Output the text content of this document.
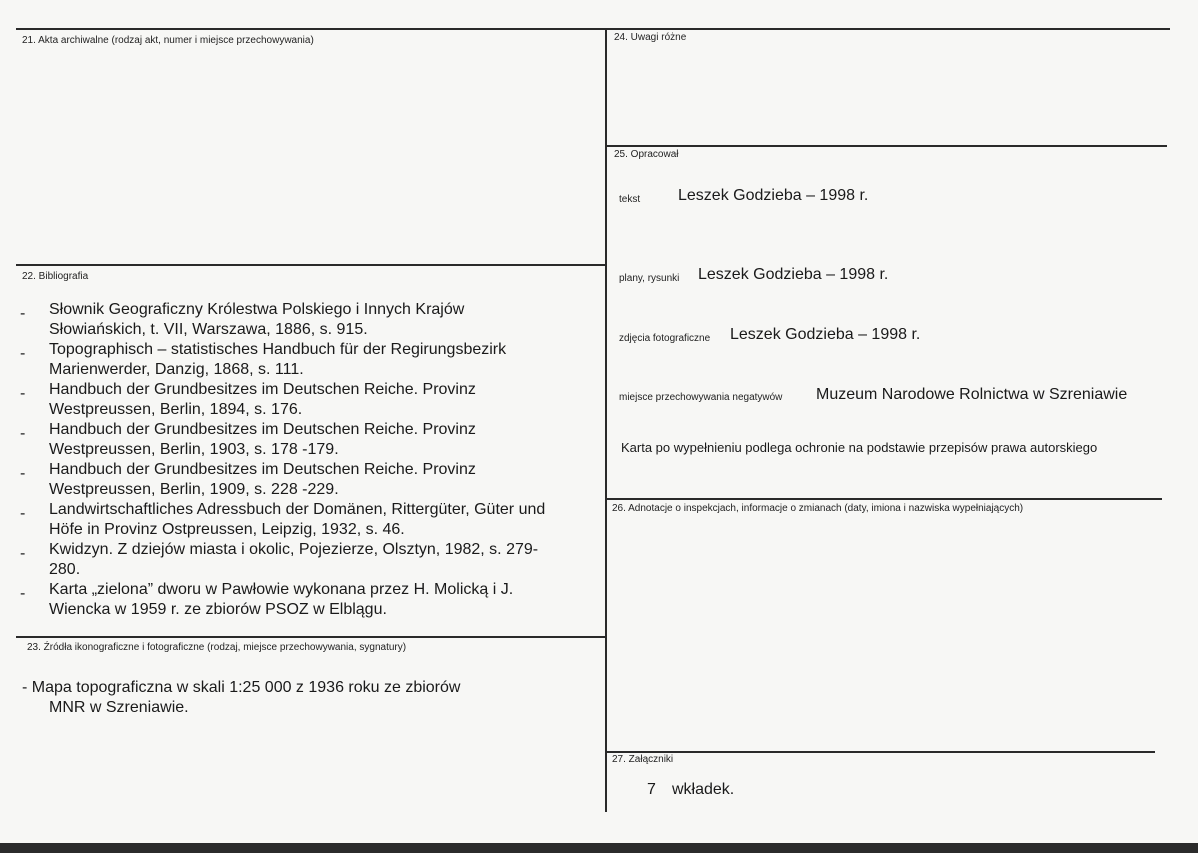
21. Akta archiwalne (rodzaj akt, numer i miejsce przechowywania)	24. Uwagi różne
25. Opracował
tekst Leszek Godzieba – 1998 r.
plany, rysunki Leszek Godzieba – 1998 r.
zdjęcia fotograficzne Leszek Godzieba – 1998 r.
miejsce przechowywania negatywów Muzeum Narodowe Rolnictwa w Szreniawie
Karta po wypełnieniu podlega ochronie na podstawie przepisów prawa autorskiego
22. Bibliografia
- Słownik Geograficzny Królestwa Polskiego i Innych Krajów
Słowiańskich, t. VII, Warszawa, 1886, s. 915.
- Topographisch – statistisches Handbuch für der Regirungsbezirk
Marienwerder, Danzig, 1868, s. 111.
- Handbuch der Grundbesitzes im Deutschen Reiche. Provinz
Westpreussen, Berlin, 1894, s. 176.
- Handbuch der Grundbesitzes im Deutschen Reiche. Provinz
Westpreussen, Berlin, 1903, s. 178 -179.
- Handbuch der Grundbesitzes im Deutschen Reiche. Provinz
Westpreussen, Berlin, 1909, s. 228 -229.
- Landwirtschaftliches Adressbuch der Domänen, Rittergüter, Güter und
Höfe in Provinz Ostpreussen, Leipzig, 1932, s. 46.
- Kwidzyn. Z dziejów miasta i okolic, Pojezierze, Olsztyn, 1982, s. 279-
280.
- Karta „zielona” dworu w Pawłowie wykonana przez H. Molicką i J.
Wiencka w 1959 r. ze zbiorów PSOZ w Elblągu.
23. Źródła ikonograficzne i fotograficzne (rodzaj, miejsce przechowywania, sygnatury)
- Mapa topograficzna w skali 1:25 000 z 1936 roku ze zbiorów
MNR w Szreniawie.
26. Adnotacje o inspekcjach, informacje o zmianach (daty, imiona i nazwiska wypełniających)
27. Załączniki
7 wkładek.
